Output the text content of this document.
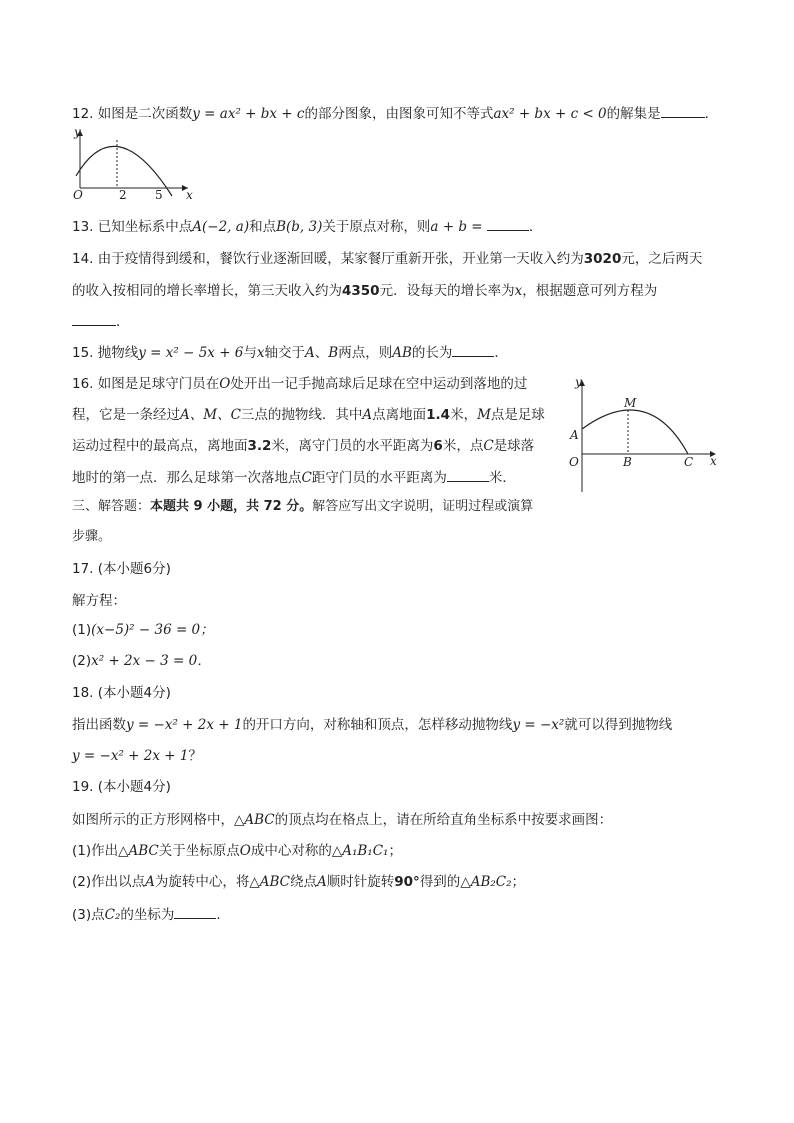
12. 如图是二次函数y = ax² + bx + c的部分图象，由图象可知不等式ax² + bx + c < 0的解集是	．
y
x
O	2 5
13. 已知坐标系中点A(−2, a)和点B(b, 3)关于原点对称，则a + b =	．
14. 由于疫情得到缓和，餐饮行业逐渐回暖，某家餐厅重新开张，开业第一天收入约为3020元，之后两天
的收入按相同的增长率增长，第三天收入约为4350元．设每天的增长率为x，根据题意可列方程为
．
15. 抛物线y = x² − 5x + 6与x轴交于A、B两点，则AB的长为	．
16. 如图是足球守门员在O处开出一记手抛高球后足球在空中运动到落地的过
程，它是一条经过A、M、C三点的抛物线．其中A点离地面1.4米，M点是足球
运动过程中的最高点，离地面3.2米，离守门员的水平距离为6米，点C是球落
地时的第一点．那么足球第一次落地点C距守门员的水平距离为	米．
y
x
O
A
M
B	C
三、解答题：本题共 9 小题，共 72 分。解答应写出文字说明，证明过程或演算
步骤。
17. (本小题6分)
解方程：
(1)(x−5)² − 36 = 0；
(2)x² + 2x − 3 = 0．
18. (本小题4分)
指出函数y = −x² + 2x + 1的开口方向，对称轴和顶点，怎样移动抛物线y = −x²就可以得到抛物线
y = −x² + 2x + 1？
19. (本小题4分)
如图所示的正方形网格中，△ABC的顶点均在格点上，请在所给直角坐标系中按要求画图：
(1)作出△ABC关于坐标原点O成中心对称的△A₁B₁C₁；
(2)作出以点A为旋转中心，将△ABC绕点A顺时针旋转90°得到的△AB₂C₂；
(3)点C₂的坐标为	．
